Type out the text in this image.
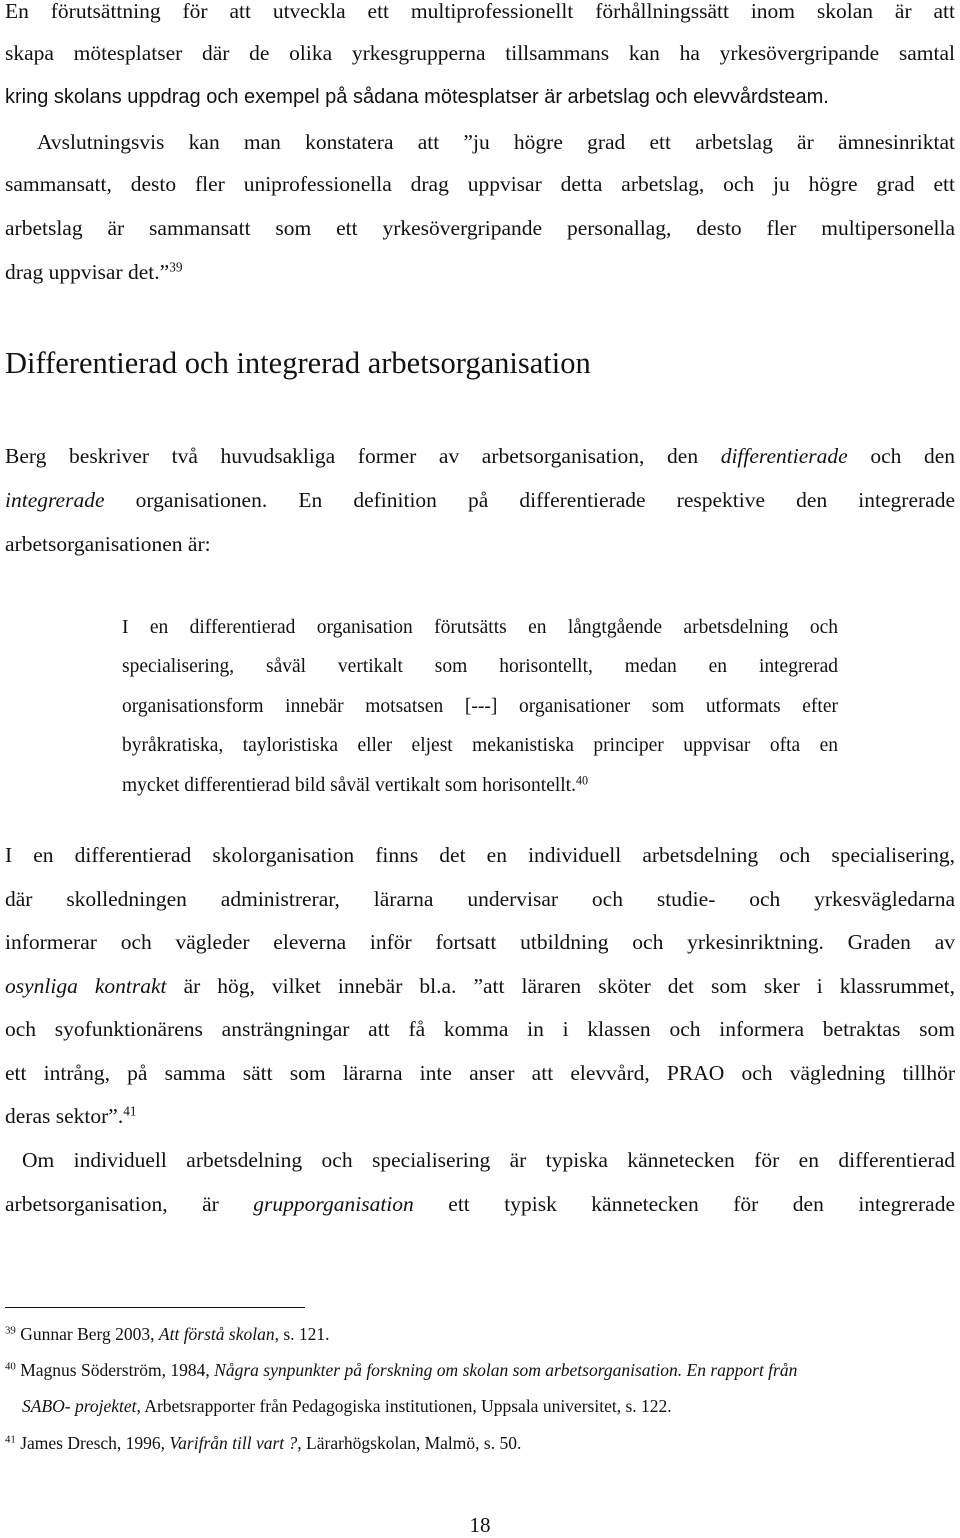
En förutsättning för att utveckla ett multiprofessionellt förhållningssätt inom skolan är att

skapa mötesplatser där de olika yrkesgrupperna tillsammans kan ha yrkesövergripande samtal

kring skolans uppdrag och exempel på sådana mötesplatser är arbetslag och elevvårdsteam.

Avslutningsvis kan man konstatera att ”ju högre grad ett arbetslag är ämnesinriktat

sammansatt, desto fler uniprofessionella drag uppvisar detta arbetslag, och ju högre grad ett

arbetslag är sammansatt som ett yrkesövergripande personallag, desto fler multipersonella

drag uppvisar det.”$^{39}$

Differentierad och integrerad arbetsorganisation

Berg beskriver två huvudsakliga former av arbetsorganisation, den differentierade och den

integrerade organisationen. En definition på differentierade respektive den integrerade

arbetsorganisationen är:

I en differentierad organisation förutsätts en långtgående arbetsdelning och

specialisering, såväl vertikalt som horisontellt, medan en integrerad

organisationsform innebär motsatsen [---] organisationer som utformats efter

byråkratiska, tayloristiska eller eljest mekanistiska principer uppvisar ofta en

mycket differentierad bild såväl vertikalt som horisontellt.$^{40}$

I en differentierad skolorganisation finns det en individuell arbetsdelning och specialisering,

där skolledningen administrerar, lärarna undervisar och studie- och yrkesvägledarna

informerar och vägleder eleverna inför fortsatt utbildning och yrkesinriktning. Graden av

osynliga kontrakt är hög, vilket innebär bl.a. ”att läraren sköter det som sker i klassrummet,

och syofunktionärens ansträngningar att få komma in i klassen och informera betraktas som

ett intrång, på samma sätt som lärarna inte anser att elevvård, PRAO och vägledning tillhör

deras sektor”.$^{41}$

Om individuell arbetsdelning och specialisering är typiska kännetecken för en differentierad

arbetsorganisation, är grupporganisation ett typisk kännetecken för den integrerade

$^{39}$ Gunnar Berg 2003, Att förstå skolan, s. 121.

$^{40}$ Magnus Söderström, 1984, Några synpunkter på forskning om skolan som arbetsorganisation. En rapport från

SABO- projektet, Arbetsrapporter från Pedagogiska institutionen, Uppsala universitet, s. 122.

$^{41}$ James Dresch, 1996, Varifrån till vart ?, Lärarhögskolan, Malmö, s. 50.

18
